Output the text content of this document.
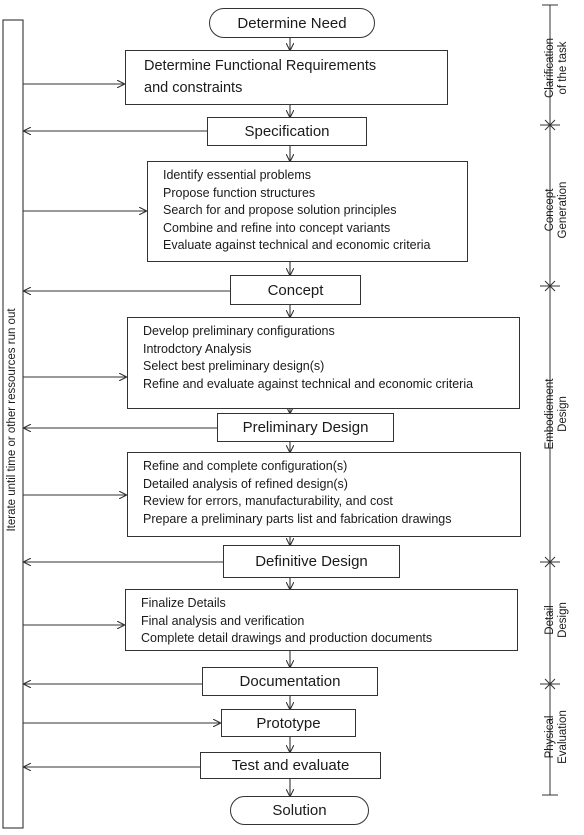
Iterate until time or other ressources run out
Determine Need
Determine Functional Requirements
and constraints
Specification
Identify essential problems
Propose function structures
Search for and propose solution principles
Combine and refine into concept variants
Evaluate against technical and economic criteria
Concept
Develop preliminary configurations
Introdctory Analysis
Select best preliminary design(s)
Refine and evaluate against technical and economic criteria
Preliminary Design
Refine and complete configuration(s)
Detailed analysis of refined design(s)
Review for errors, manufacturability, and cost
Prepare a preliminary parts list and fabrication drawings
Definitive Design
Finalize Details
Final analysis and verification
Complete detail drawings and production documents
Documentation
Prototype
Test and evaluate
Solution
Clarification of the task
Concept Generation
Embodiement Design
Detail Design
Physical Evaluation
